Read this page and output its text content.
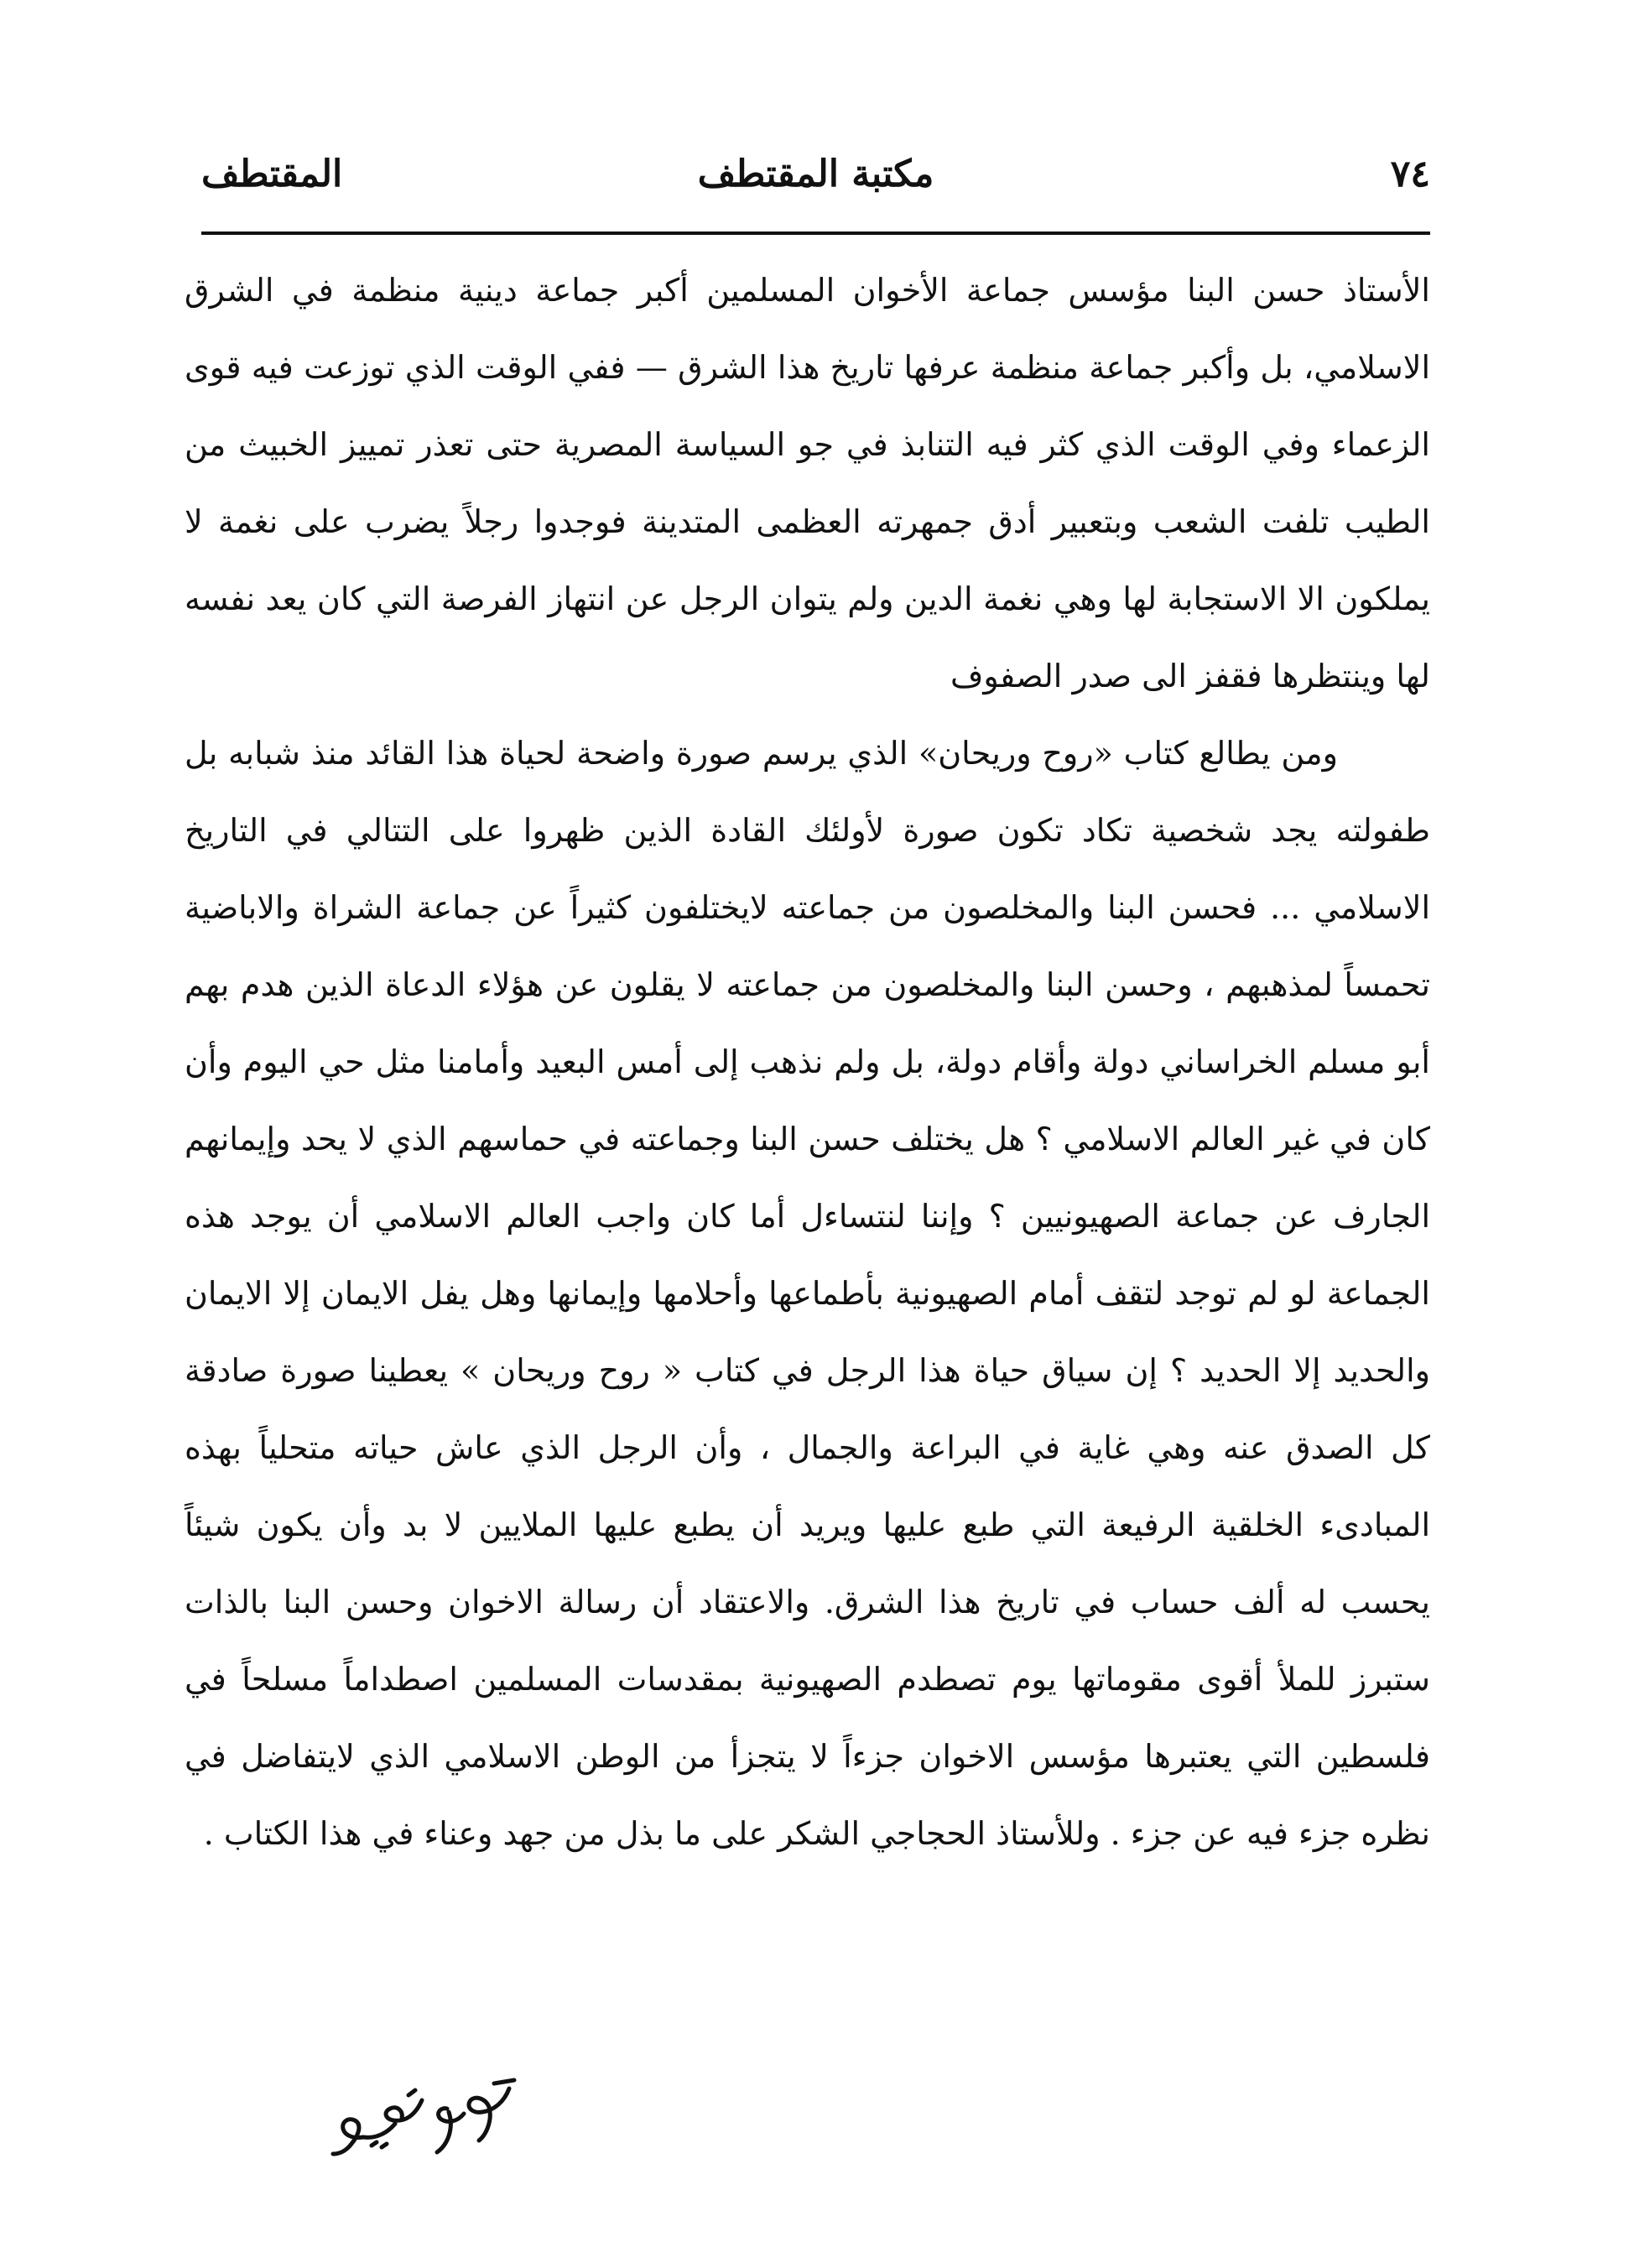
٧٤
مكتبة المقتطف
المقتطف

الأستاذ حسن البنا مؤسس جماعة الأخوان المسلمين أكبر جماعة دينية منظمة في الشرق الاسلامي، بل وأكبر جماعة منظمة عرفها تاريخ هذا الشرق — ففي الوقت الذي توزعت فيه قوى الزعماء وفي الوقت الذي كثر فيه التنابذ في جو السياسة المصرية حتى تعذر تمييز الخبيث من الطيب تلفت الشعب وبتعبير أدق جمهرته العظمى المتدينة فوجدوا رجلاً يضرب على نغمة لا يملكون الا الاستجابة لها وهي نغمة الدين ولم يتوان الرجل عن انتهاز الفرصة التي كان يعد نفسه لها وينتظرها فقفز الى صدر الصفوف

ومن يطالع كتاب «روح وريحان» الذي يرسم صورة واضحة لحياة هذا القائد منذ شبابه بل طفولته يجد شخصية تكاد تكون صورة لأولئك القادة الذين ظهروا على التتالي في التاريخ الاسلامي ... فحسن البنا والمخلصون من جماعته لايختلفون كثيراً عن جماعة الشراة والاباضية تحمساً لمذهبهم ، وحسن البنا والمخلصون من جماعته لا يقلون عن هؤلاء الدعاة الذين هدم بهم أبو مسلم الخراساني دولة وأقام دولة، بل ولم نذهب إلى أمس البعيد وأمامنا مثل حي اليوم وأن كان في غير العالم الاسلامي ؟ هل يختلف حسن البنا وجماعته في حماسهم الذي لا يحد وإيمانهم الجارف عن جماعة الصهيونيين ؟ وإننا لنتساءل أما كان واجب العالم الاسلامي أن يوجد هذه الجماعة لو لم توجد لتقف أمام الصهيونية بأطماعها وأحلامها وإيمانها وهل يفل الايمان إلا الايمان والحديد إلا الحديد ؟ إن سياق حياة هذا الرجل في كتاب « روح وريحان » يعطينا صورة صادقة كل الصدق عنه وهي غاية في البراعة والجمال ، وأن الرجل الذي عاش حياته متحلياً بهذه المبادىء الخلقية الرفيعة التي طبع عليها ويريد أن يطبع عليها الملايين لا بد وأن يكون شيئاً يحسب له ألف حساب في تاريخ هذا الشرق. والاعتقاد أن رسالة الاخوان وحسن البنا بالذات ستبرز للملأ أقوى مقوماتها يوم تصطدم الصهيونية بمقدسات المسلمين اصطداماً مسلحاً في فلسطين التي يعتبرها مؤسس الاخوان جزءاً لا يتجزأ من الوطن الاسلامي الذي لايتفاضل في نظره جزء فيه عن جزء . وللأستاذ الحجاجي الشكر على ما بذل من جهد وعناء في هذا الكتاب .
